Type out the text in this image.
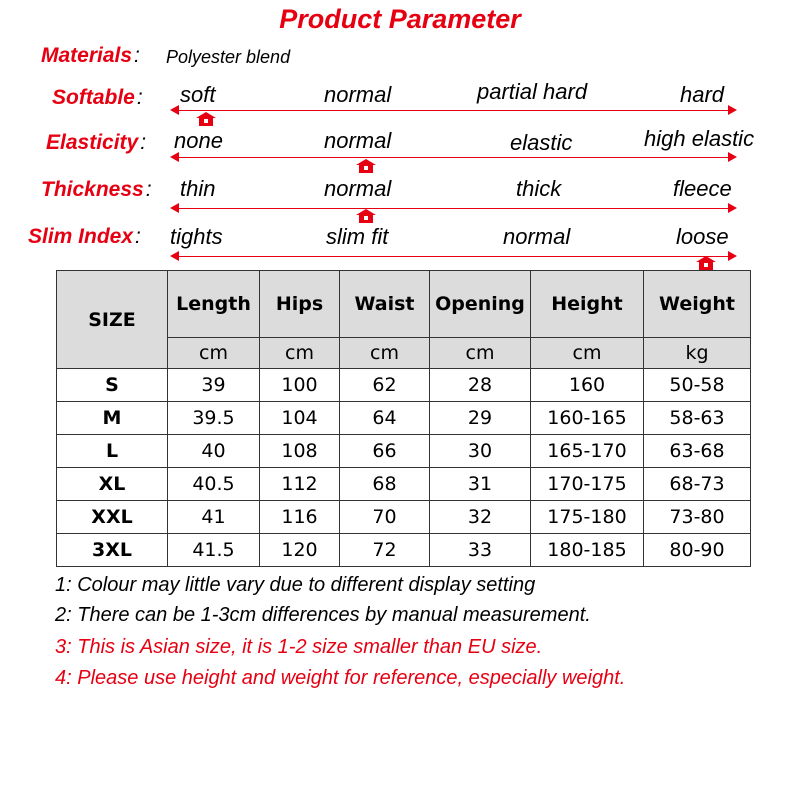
Product Parameter
Materials: Polyester blend
Softable: soft	normal	partial hard	hard
Elasticity: none	normal	elastic	high elastic
Thickness: thin	normal	thick	fleece
Slim Index: tights	slim fit	normal	loose
SIZE	Length	Hips	Waist	Opening	Height	Weight
	cm	cm	cm	cm	cm	kg
S	39	100	62	28	160	50-58
M	39.5	104	64	29	160-165	58-63
L	40	108	66	30	165-170	63-68
XL	40.5	112	68	31	170-175	68-73
XXL	41	116	70	32	175-180	73-80
3XL	41.5	120	72	33	180-185	80-90
1: Colour may little vary due to different display setting
2: There can be 1-3cm differences by manual measurement.
3: This is Asian size, it is 1-2 size smaller than EU size.
4: Please use height and weight for reference, especially weight.
